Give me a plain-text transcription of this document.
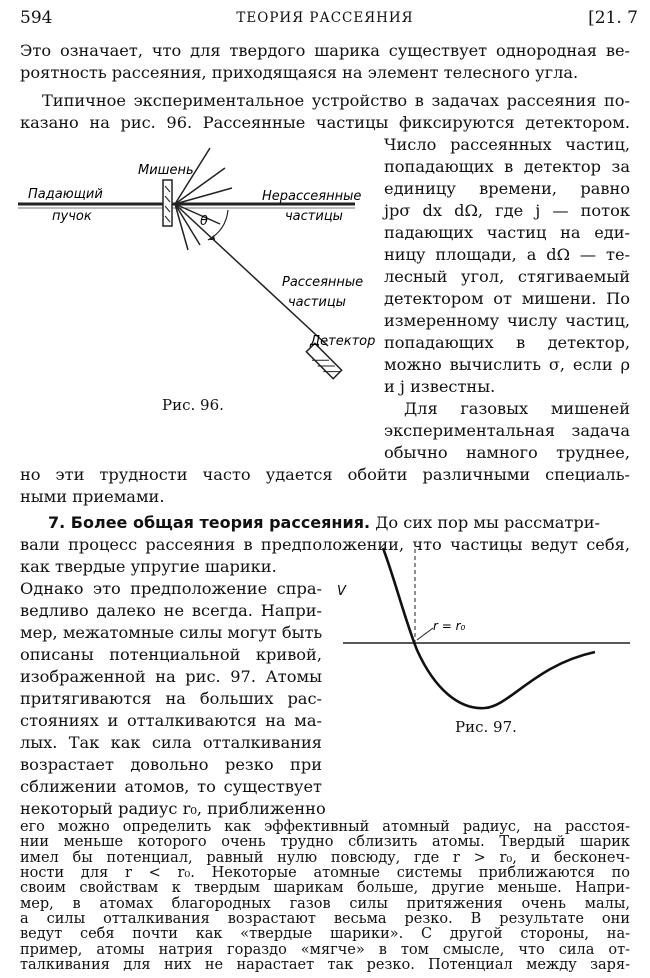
594	ТЕОРИЯ РАССЕЯНИЯ	[21. 7
Это означает, что для твердого шарика существует однородная ве-
роятность рассеяния, приходящаяся на элемент телесного угла.
Типичное экспериментальное устройство в задачах рассеяния по-
казано на рис. 96. Рассеянные частицы фиксируются детектором.
Падающий
пучок
Мишень
Нерассеянные
частицы
θ
Рассеянные
частицы
Детектор
Рис. 96.
Число рассеянных частиц,
попадающих в детектор за
единицу времени, равно
jpσ dx dΩ, где j — поток
падающих частиц на еди-
ницу площади, а dΩ — те-
лесный угол, стягиваемый
детектором от мишени. По
измеренному числу частиц,
попадающих в детектор,
можно вычислить σ, если ρ
и j известны.
Для газовых мишеней
экспериментальная задача
обычно намного труднее,
но эти трудности часто удается обойти различными специаль-
ными приемами.
7. Более общая теория рассеяния. До сих пор мы рассматри-
вали процесс рассеяния в предположении, что частицы ведут себя,
как твердые упругие шарики.
Однако это предположение спра-
ведливо далеко не всегда. Напри-
мер, межатомные силы могут быть
описаны потенциальной кривой,
изображенной на рис. 97. Атомы
притягиваются на больших рас-
стояниях и отталкиваются на ма-
лых. Так как сила отталкивания
возрастает довольно резко при
сближении атомов, то существует
некоторый радиус r₀, приближенно
V
r = r₀
Рис. 97.
его можно определить как эффективный атомный радиус, на расстоя-
нии меньше которого очень трудно сблизить атомы. Твердый шарик
имел бы потенциал, равный нулю повсюду, где r > r₀, и бесконеч-
ности для r < r₀. Некоторые атомные системы приближаются по
своим свойствам к твердым шарикам больше, другие меньше. Напри-
мер, в атомах благородных газов силы притяжения очень малы,
а силы отталкивания возрастают весьма резко. В результате они
ведут себя почти как «твердые шарики». С другой стороны, на-
пример, атомы натрия гораздо «мягче» в том смысле, что сила от-
талкивания для них не нарастает так резко. Потенциал между заря-
